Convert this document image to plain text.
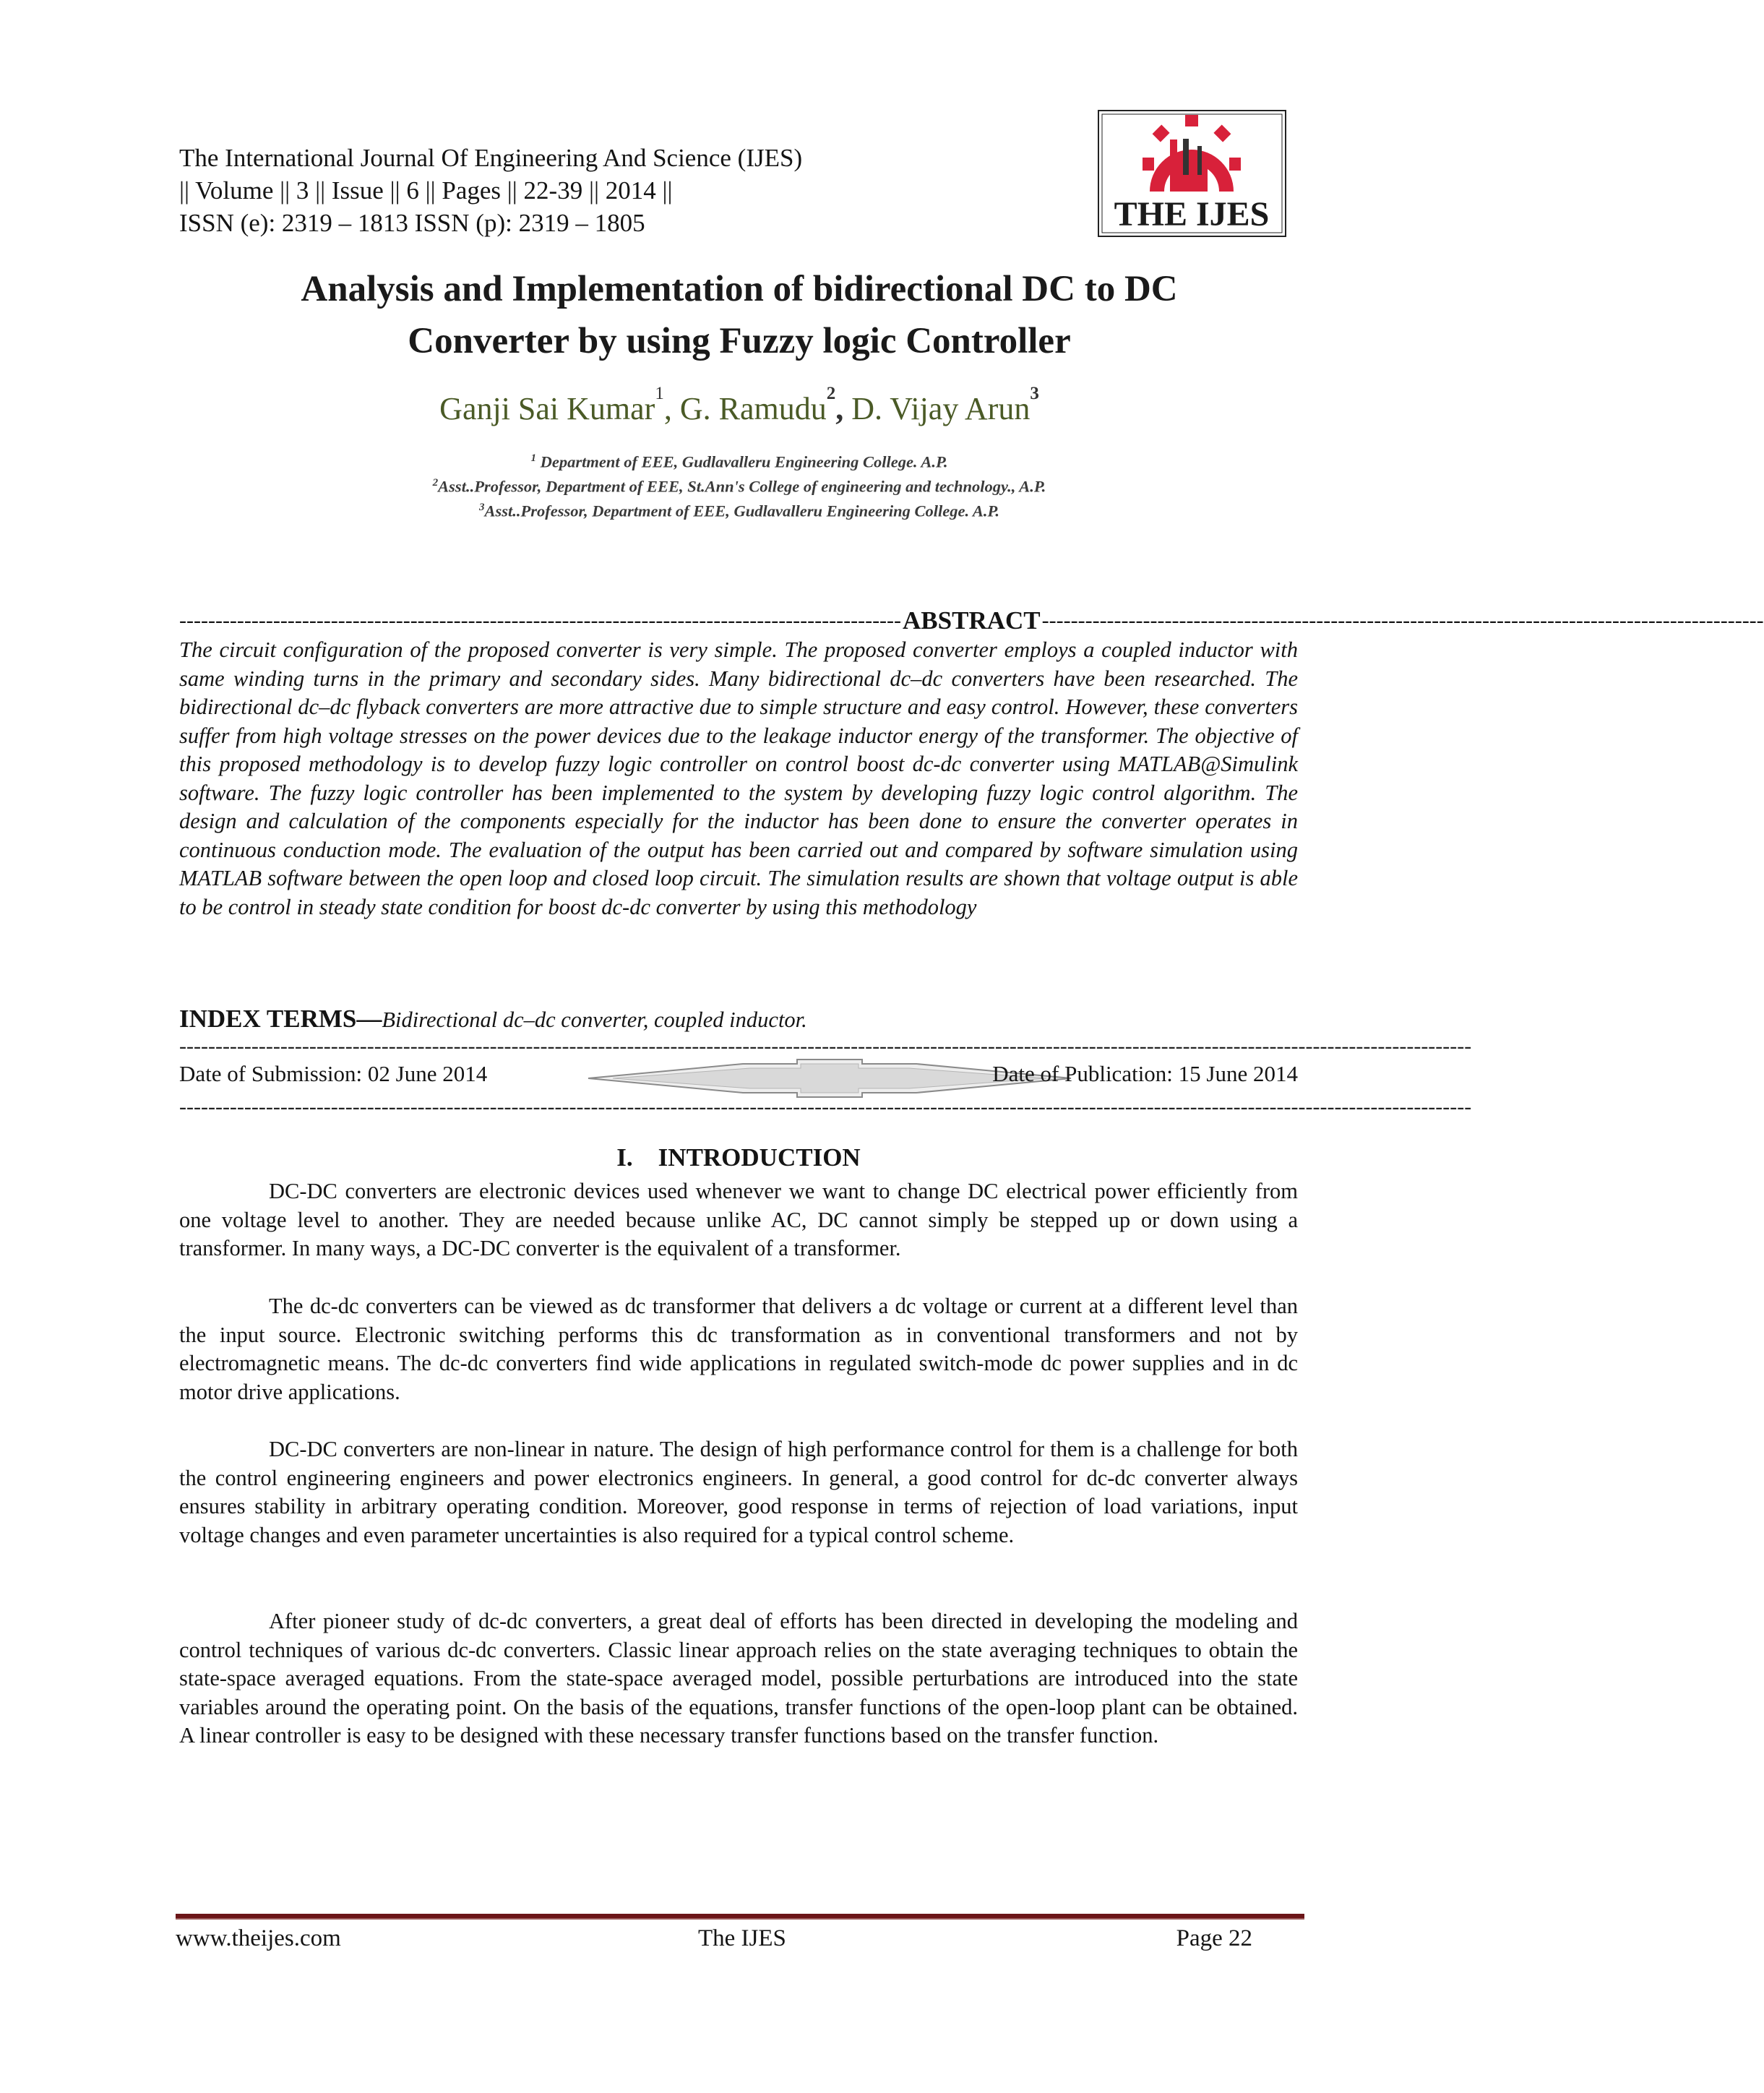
The International Journal Of Engineering And Science (IJES)
|| Volume || 3 || Issue || 6 || Pages || 22-39 || 2014 ||
ISSN (e): 2319 – 1813 ISSN (p): 2319 – 1805	THE IJES
Analysis and Implementation of bidirectional DC to DC
Converter by using Fuzzy logic Controller
Ganji Sai Kumar$^1$, G. Ramudu$^2$, D. Vijay Arun$^3$
$^1$ Department of EEE, Gudlavalleru Engineering College. A.P.
$^2$Asst..Professor, Department of EEE, St.Ann's College of engineering and technology., A.P.
$^3$Asst..Professor, Department of EEE, Gudlavalleru Engineering College. A.P.
---------------------------------------------------------------------------------------------------- ABSTRACT ----------------------------------------------------------------------------------------------------
The circuit configuration of the proposed converter is very simple. The proposed converter employs a coupled inductor with same winding turns in the primary and secondary sides. Many bidirectional dc–dc converters have been researched. The bidirectional dc–dc flyback converters are more attractive due to simple structure and easy control. However, these converters suffer from high voltage stresses on the power devices due to the leakage inductor energy of the transformer. The objective of this proposed methodology is to develop fuzzy logic controller on control boost dc-dc converter using MATLAB@Simulink software. The fuzzy logic controller has been implemented to the system by developing fuzzy logic control algorithm. The design and calculation of the components especially for the inductor has been done to ensure the converter operates in continuous conduction mode. The evaluation of the output has been carried out and compared by software simulation using MATLAB software between the open loop and closed loop circuit. The simulation results are shown that voltage output is able to be control in steady state condition for boost dc-dc converter by using this methodology
INDEX TERMS—Bidirectional dc–dc converter, coupled inductor.
-----------------------------------------------------------------------------------------------------------------------------------------------------------------------------------
Date of Submission: 02 June 2014	Date of Publication: 15 June 2014
-----------------------------------------------------------------------------------------------------------------------------------------------------------------------------------
I.    INTRODUCTION
DC-DC converters are electronic devices used whenever we want to change DC electrical power efficiently from one voltage level to another. They are needed because unlike AC, DC cannot simply be stepped up or down using a transformer. In many ways, a DC-DC converter is the equivalent of a transformer.
The dc-dc converters can be viewed as dc transformer that delivers a dc voltage or current at a different level than the input source. Electronic switching performs this dc transformation as in conventional transformers and not by electromagnetic means. The dc-dc converters find wide applications in regulated switch-mode dc power supplies and in dc motor drive applications.
DC-DC converters are non-linear in nature. The design of high performance control for them is a challenge for both the control engineering engineers and power electronics engineers. In general, a good control for dc-dc converter always ensures stability in arbitrary operating condition. Moreover, good response in terms of rejection of load variations, input voltage changes and even parameter uncertainties is also required for a typical control scheme.
After pioneer study of dc-dc converters, a great deal of efforts has been directed in developing the modeling and control techniques of various dc-dc converters. Classic linear approach relies on the state averaging techniques to obtain the state-space averaged equations. From the state-space averaged model, possible perturbations are introduced into the state variables around the operating point. On the basis of the equations, transfer functions of the open-loop plant can be obtained. A linear controller is easy to be designed with these necessary transfer functions based on the transfer function.
www.theijes.com	The IJES	Page 22
